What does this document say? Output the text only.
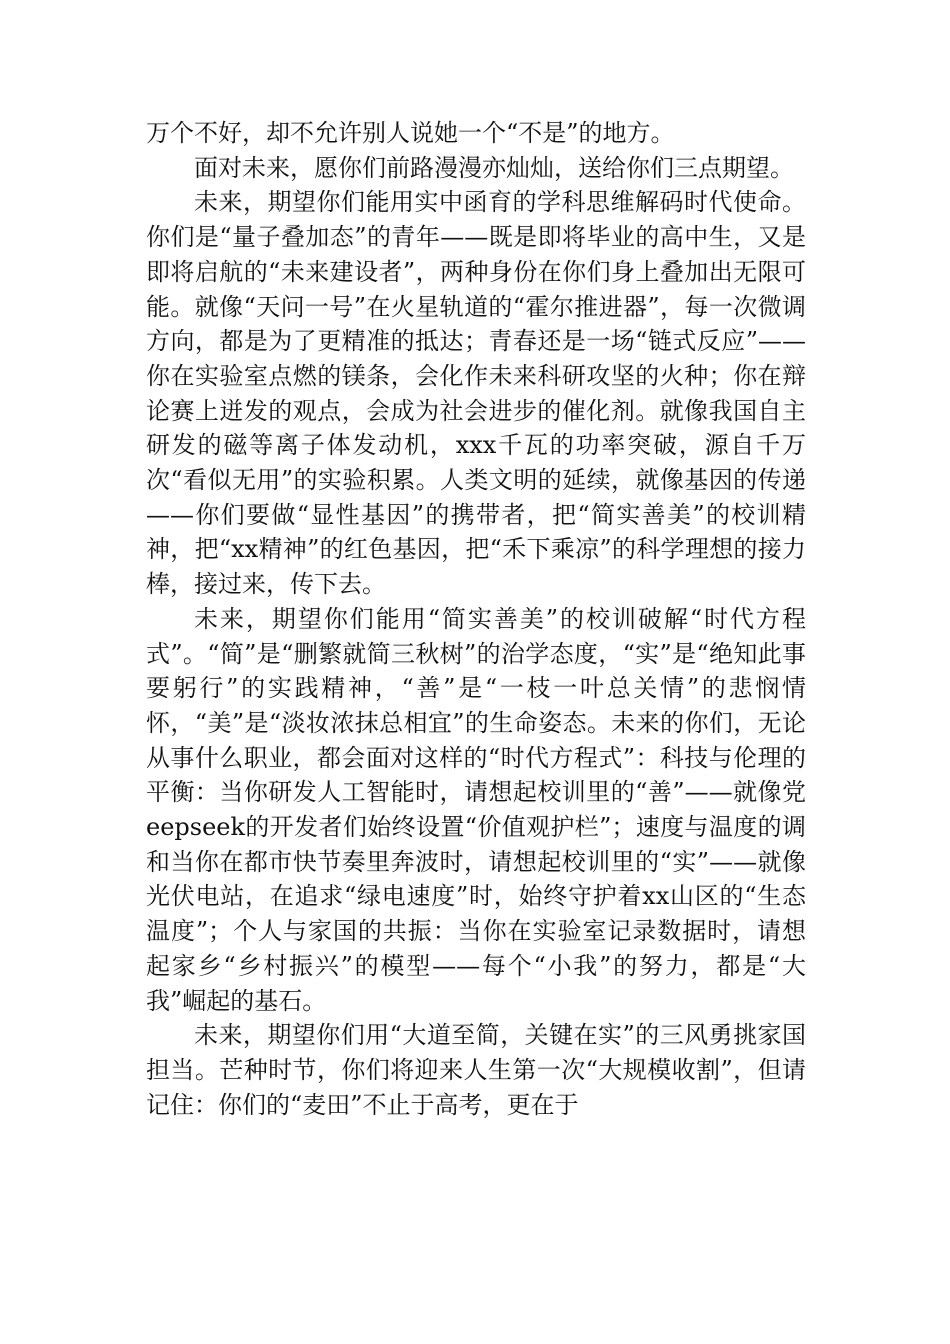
万个不好，却不允许别人说她一个“不是”的地方。

面对未来，愿你们前路漫漫亦灿灿，送给你们三点期望。

未来，期望你们能用实中函育的学科思维解码时代使命。你们是“量子叠加态”的青年——既是即将毕业的高中生，又是即将启航的“未来建设者”，两种身份在你们身上叠加出无限可能。就像“天问一号”在火星轨道的“霍尔推进器”，每一次微调方向，都是为了更精准的抵达；青春还是一场“链式反应”——你在实验室点燃的镁条，会化作未来科研攻坚的火种；你在辩论赛上迸发的观点，会成为社会进步的催化剂。就像我国自主研发的磁等离子体发动机，xxx千瓦的功率突破，源自千万次“看似无用”的实验积累。人类文明的延续，就像基因的传递——你们要做“显性基因”的携带者，把“简实善美”的校训精神，把“xx精神”的红色基因，把“禾下乘凉”的科学理想的接力棒，接过来，传下去。

未来，期望你们能用“简实善美”的校训破解“时代方程式”。“简”是“删繁就简三秋树”的治学态度，“实”是“绝知此事要躬行”的实践精神，“善”是“一枝一叶总关情”的悲悯情怀，“美”是“淡妆浓抹总相宜”的生命姿态。未来的你们，无论从事什么职业，都会面对这样的“时代方程式”：科技与伦理的平衡：当你研发人工智能时，请想起校训里的“善”——就像党eepseek的开发者们始终设置“价值观护栏”；速度与温度的调和当你在都市快节奏里奔波时，请想起校训里的“实”——就像光伏电站，在追求“绿电速度”时，始终守护着xx山区的“生态温度”；个人与家国的共振：当你在实验室记录数据时，请想起家乡“乡村振兴”的模型——每个“小我”的努力，都是“大我”崛起的基石。

未来，期望你们用“大道至简，关键在实”的三风勇挑家国担当。芒种时节，你们将迎来人生第一次“大规模收割”，但请记住：你们的“麦田”不止于高考，更在于
